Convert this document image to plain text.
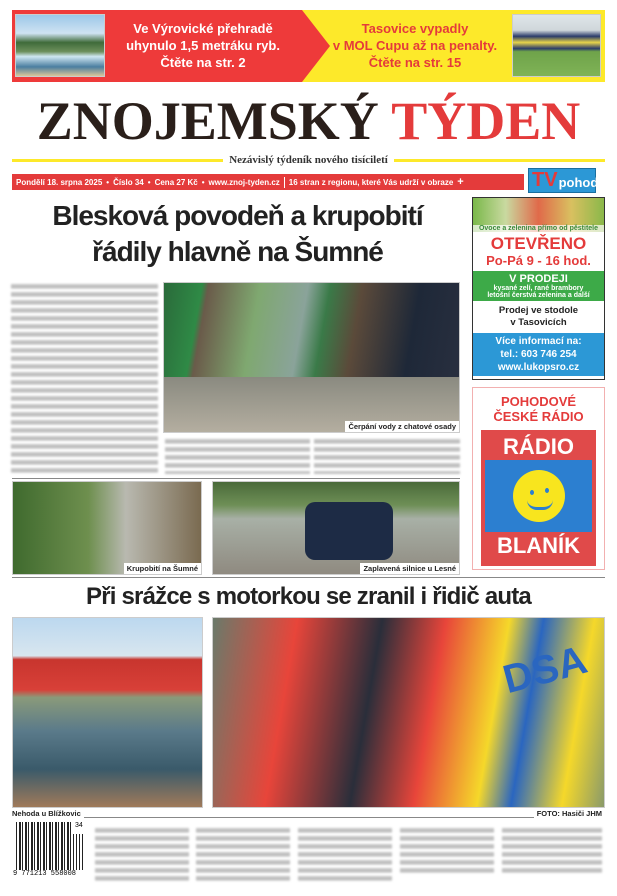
Ve Výrovické přehradě
uhynulo 1,5 metráku ryb.
Čtěte na str. 2
Tasovice vypadly
v MOL Cupu až na penalty.
Čtěte na str. 15
ZNOJEMSKÝ TÝDEN
Nezávislý týdeník nového tisíciletí
Pondělí 18. srpna 2025 • Číslo 34 • Cena 27 Kč • www.znoj-tyden.cz 16 stran z regionu, které Vás udrží v obraze +	TV pohoda
Blesková povodeň a krupobití
řádily hlavně na Šumné
Čerpání vody z chatové osady
Krupobití na Šumné	Zaplavená silnice u Lesné
Ovoce a zelenina přímo od pěstitele
OTEVŘENO
Po-Pá 9 - 16 hod.
V PRODEJI
kysané zelí, rané brambory
letošní čerstvá zelenina a další
Prodej ve stodole
v Tasovicích
Více informací na:
tel.: 603 746 254
www.lukopsro.cz
POHODOVÉ
ČESKÉ RÁDIO
RÁDIO
BLANÍK
Při srážce s motorkou se zranil i řidič auta
DSA
Nehoda u Blížkovic	FOTO: Hasiči JHM
9 771213 558008
34
